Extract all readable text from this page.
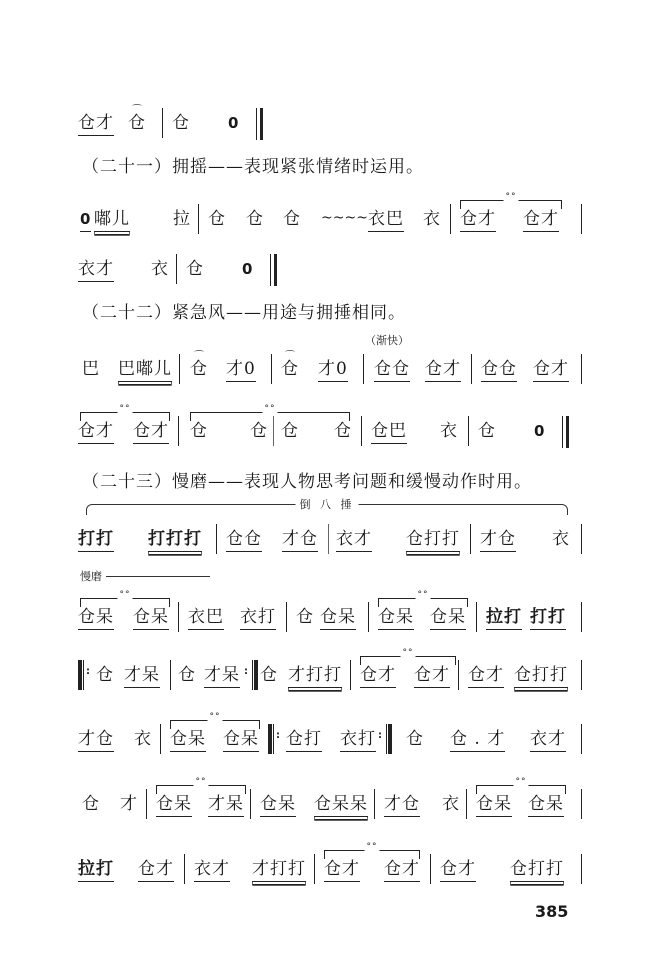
仓才
⌒
仓 仓	0
（二十一）拥摇——表现紧张情绪时运用。
0 嘟儿	拉 仓 仓 仓 ~~~~ 衣巴 衣
°°
仓才 仓才
衣才 衣 仓	0
（二十二）紧急风——用途与拥捶相同。
（渐快）
巴 巴嘟儿
⌒
仓 才0
⌒
仓 才0 仓仓 仓才 仓仓 仓才
°°
仓才 仓才
°°
仓 仓 仓 仓 仓巴 衣 仓	0
（二十三）慢磨——表现人物思考问题和缓慢动作时用。
倒 八 捶
打打 打打打 仓仓 才仓 衣才 仓打打 才仓 衣
慢磨
°°
仓呆 仓呆 衣巴 衣打 仓 仓呆
°°
仓呆 仓呆 拉打 打打
: 仓 才呆 仓 才呆 : 仓 才打打
°°
仓才 仓才 仓才 仓打打
才仓 衣
°°
仓呆 仓呆 : 仓打 衣打 : 仓 仓 . 才 衣才
仓 才
°°
仓呆 才呆 仓呆 仓呆呆 才仓 衣
°°
仓呆 仓呆
拉打 仓才 衣才 才打打
°°
仓才 仓才 仓才 仓打打
385
